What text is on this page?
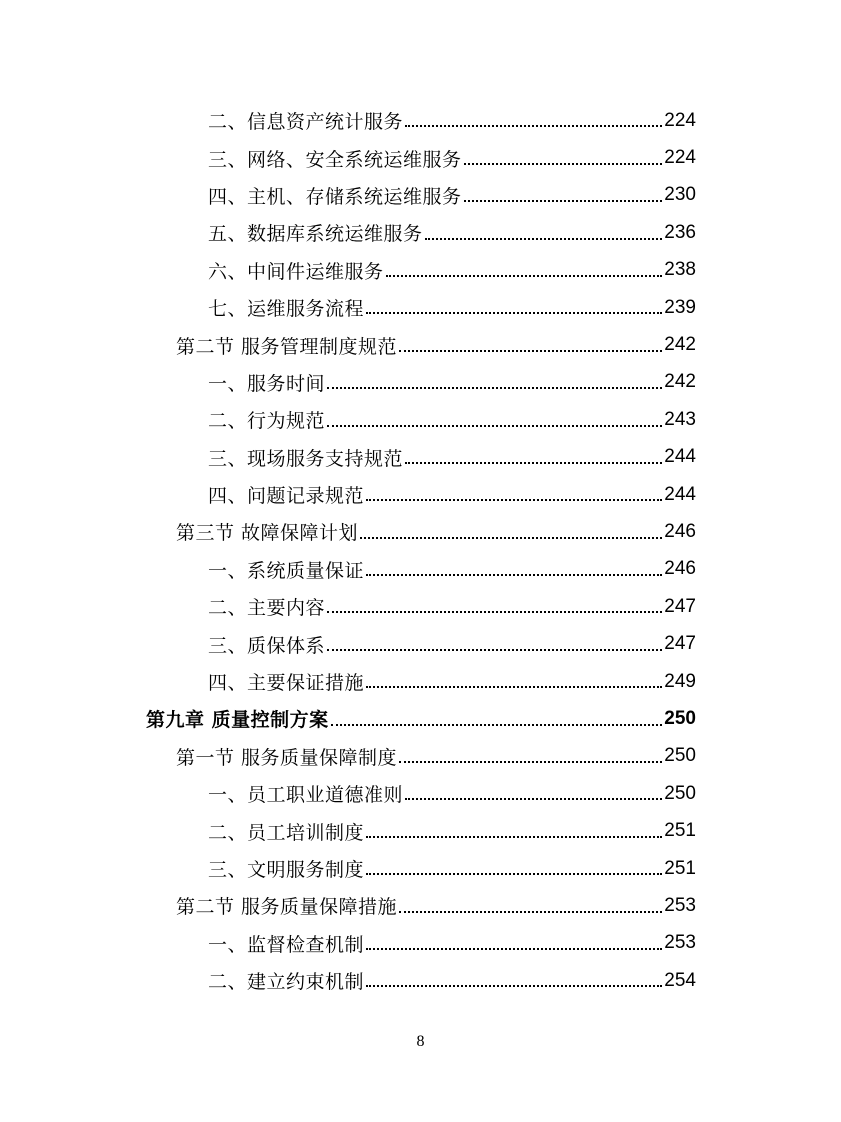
二、信息资产统计服务	224
三、网络、安全系统运维服务	224
四、主机、存储系统运维服务	230
五、数据库系统运维服务	236
六、中间件运维服务	238
七、运维服务流程	239
第二节 服务管理制度规范	242
一、服务时间	242
二、行为规范	243
三、现场服务支持规范	244
四、问题记录规范	244
第三节 故障保障计划	246
一、系统质量保证	246
二、主要内容	247
三、质保体系	247
四、主要保证措施	249
第九章 质量控制方案	250
第一节 服务质量保障制度	250
一、员工职业道德准则	250
二、员工培训制度	251
三、文明服务制度	251
第二节 服务质量保障措施	253
一、监督检查机制	253
二、建立约束机制	254
8
